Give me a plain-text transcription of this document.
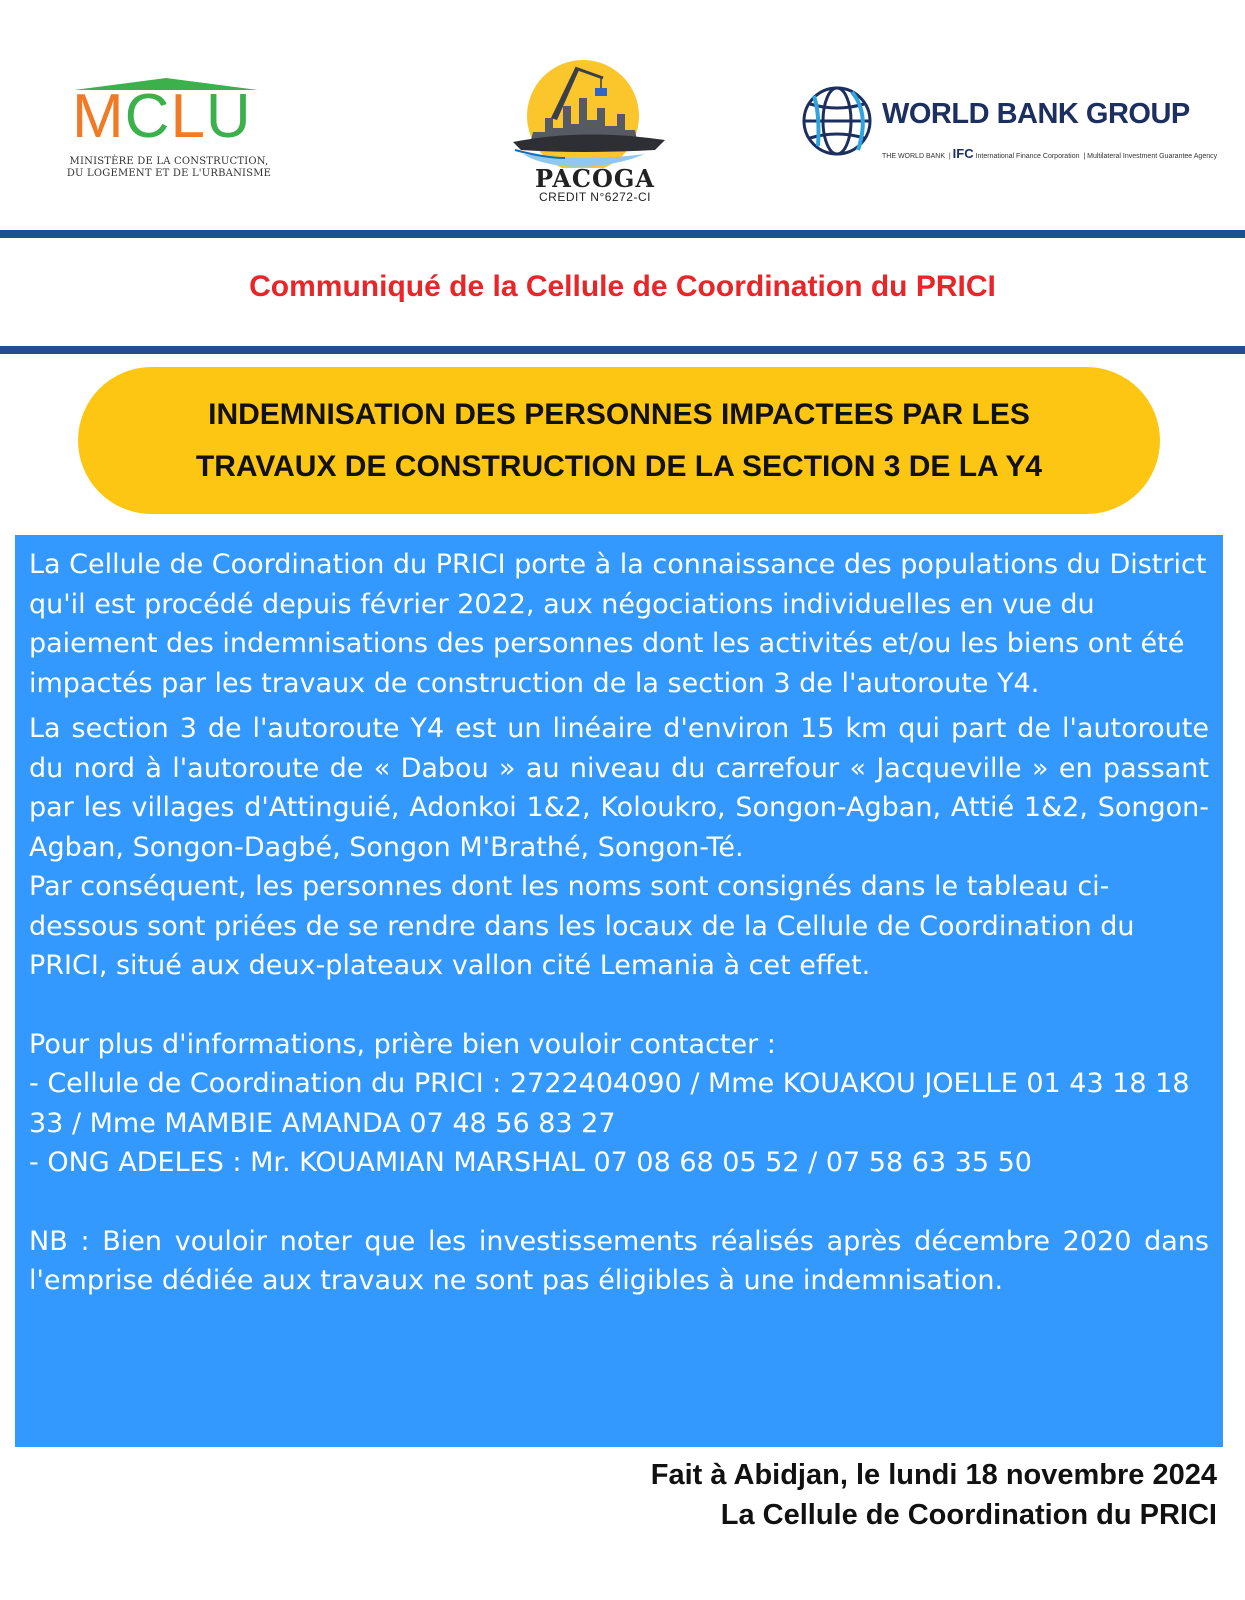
MCLU
MINISTÈRE DE LA CONSTRUCTION,
DU LOGEMENT ET DE L'URBANISME	PACOGA
CREDIT N°6272-CI
WORLD BANK GROUP
THE WORLD BANK  | IFC International Finance Corporation  | Multilateral Investment Guarantee Agency
Communiqué de la Cellule de Coordination du PRICI
INDEMNISATION DES PERSONNES IMPACTEES PAR LES
TRAVAUX DE CONSTRUCTION DE LA SECTION 3 DE LA Y4

La Cellule de Coordination du PRICI porte à la connaissance des populations du District qu'il est procédé depuis février 2022, aux négociations individuelles en vue du paiement des indemnisations des personnes dont les activités et/ou les biens ont été impactés par les travaux de construction de la section 3 de l'autoroute Y4.

La section 3 de l'autoroute Y4 est un linéaire d'environ 15 km qui part de l'autoroute du nord à l'autoroute de « Dabou » au niveau du carrefour « Jacqueville » en passant par les villages d'Attinguié, Adonkoi 1&2, Koloukro, Songon-Agban, Attié 1&2, Songon-Agban, Songon-Dagbé, Songon M'Brathé, Songon-Té.

Par conséquent, les personnes dont les noms sont consignés dans le tableau ci-dessous sont priées de se rendre dans les locaux de la Cellule de Coordination du PRICI, situé aux deux-plateaux vallon cité Lemania à cet effet.

Pour plus d'informations, prière bien vouloir contacter :

- Cellule de Coordination du PRICI : 2722404090 / Mme KOUAKOU JOELLE 01 43 18 18 33 / Mme MAMBIE AMANDA 07 48 56 83 27

- ONG ADELES : Mr. KOUAMIAN MARSHAL 07 08 68 05 52 / 07 58 63 35 50

NB : Bien vouloir noter que les investissements réalisés après décembre 2020 dans l'emprise dédiée aux travaux ne sont pas éligibles à une indemnisation.

Fait à Abidjan, le lundi 18 novembre 2024
La Cellule de Coordination du PRICI
